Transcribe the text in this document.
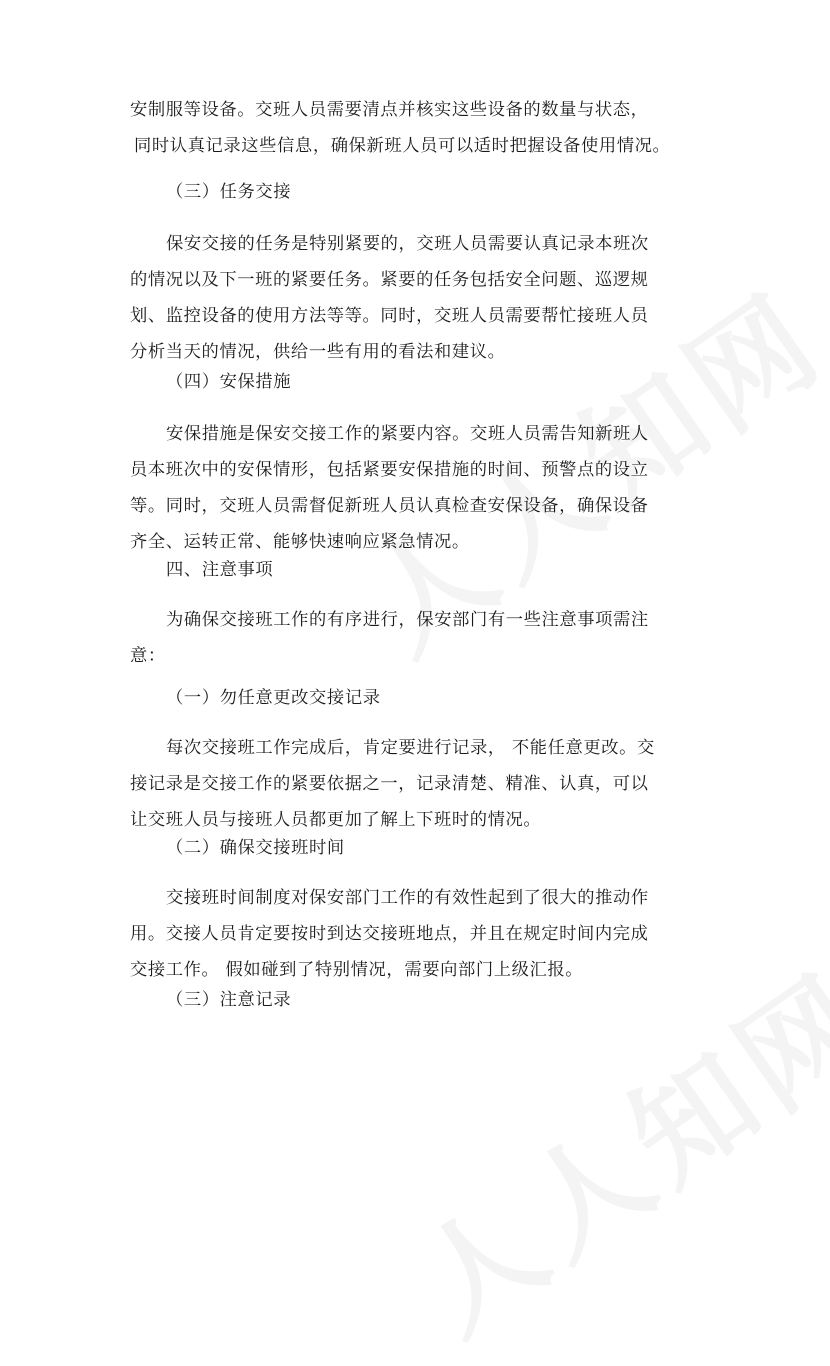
安制服等设备。交班人员需要清点并核实这些设备的数量与状态，
同时认真记录这些信息，确保新班人员可以适时把握设备使用情况。

（三）任务交接

保安交接的任务是特别紧要的，交班人员需要认真记录本班次
的情况以及下一班的紧要任务。紧要的任务包括安全问题、巡逻规
划、监控设备的使用方法等等。同时，交班人员需要帮忙接班人员
分析当天的情况，供给一些有用的看法和建议。

（四）安保措施

安保措施是保安交接工作的紧要内容。交班人员需告知新班人
员本班次中的安保情形，包括紧要安保措施的时间、预警点的设立
等。同时，交班人员需督促新班人员认真检查安保设备，确保设备
齐全、运转正常、能够快速响应紧急情况。

四、注意事项

为确保交接班工作的有序进行，保安部门有一些注意事项需注
意：

（一）勿任意更改交接记录

每次交接班工作完成后，肯定要进行记录， 不能任意更改。交
接记录是交接工作的紧要依据之一，记录清楚、精准、认真，可以
让交班人员与接班人员都更加了解上下班时的情况。

（二）确保交接班时间

交接班时间制度对保安部门工作的有效性起到了很大的推动作
用。交接人员肯定要按时到达交接班地点，并且在规定时间内完成
交接工作。 假如碰到了特别情况，需要向部门上级汇报。

（三）注意记录
